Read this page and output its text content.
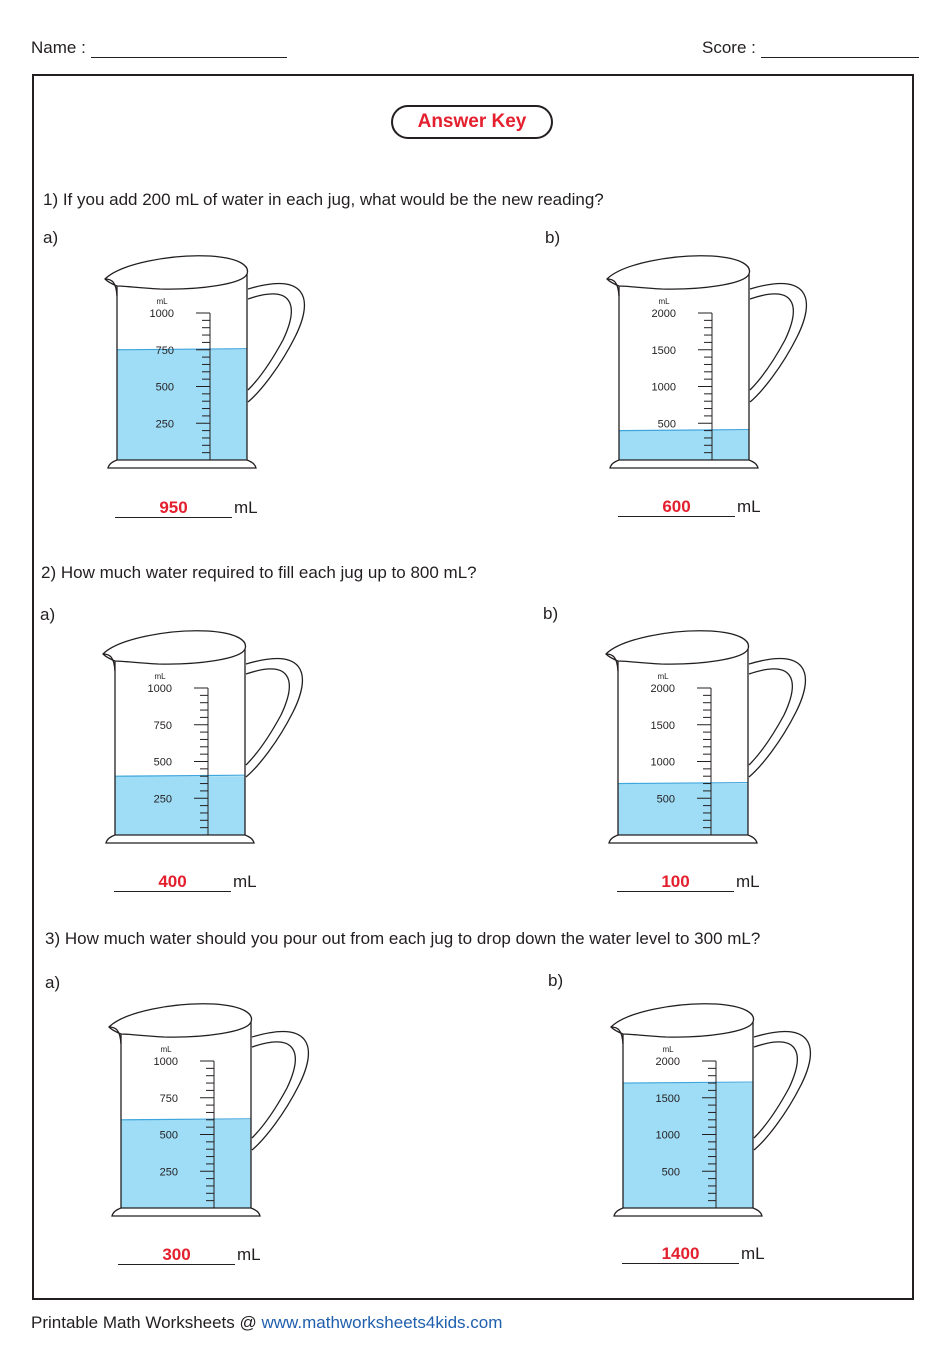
Name :	Score :
Answer Key
1) If you add 200 mL of water in each jug, what would be the new reading?
a)	b)
1000
750
500
250
mL
2000
1500
1000
500
mL
950	mL	600	mL
2) How much water required to fill each jug up to 800 mL?
a)	b)
1000
750
500
250
mL
2000
1500
1000
500
mL
400	mL	100	mL
3) How much water should you pour out from each jug to drop down the water level to 300 mL?
a)	b)
1000
750
500
250
mL
2000
1500
1000
500
mL
300	mL	1400 mL
Printable Math Worksheets @ www.mathworksheets4kids.com
